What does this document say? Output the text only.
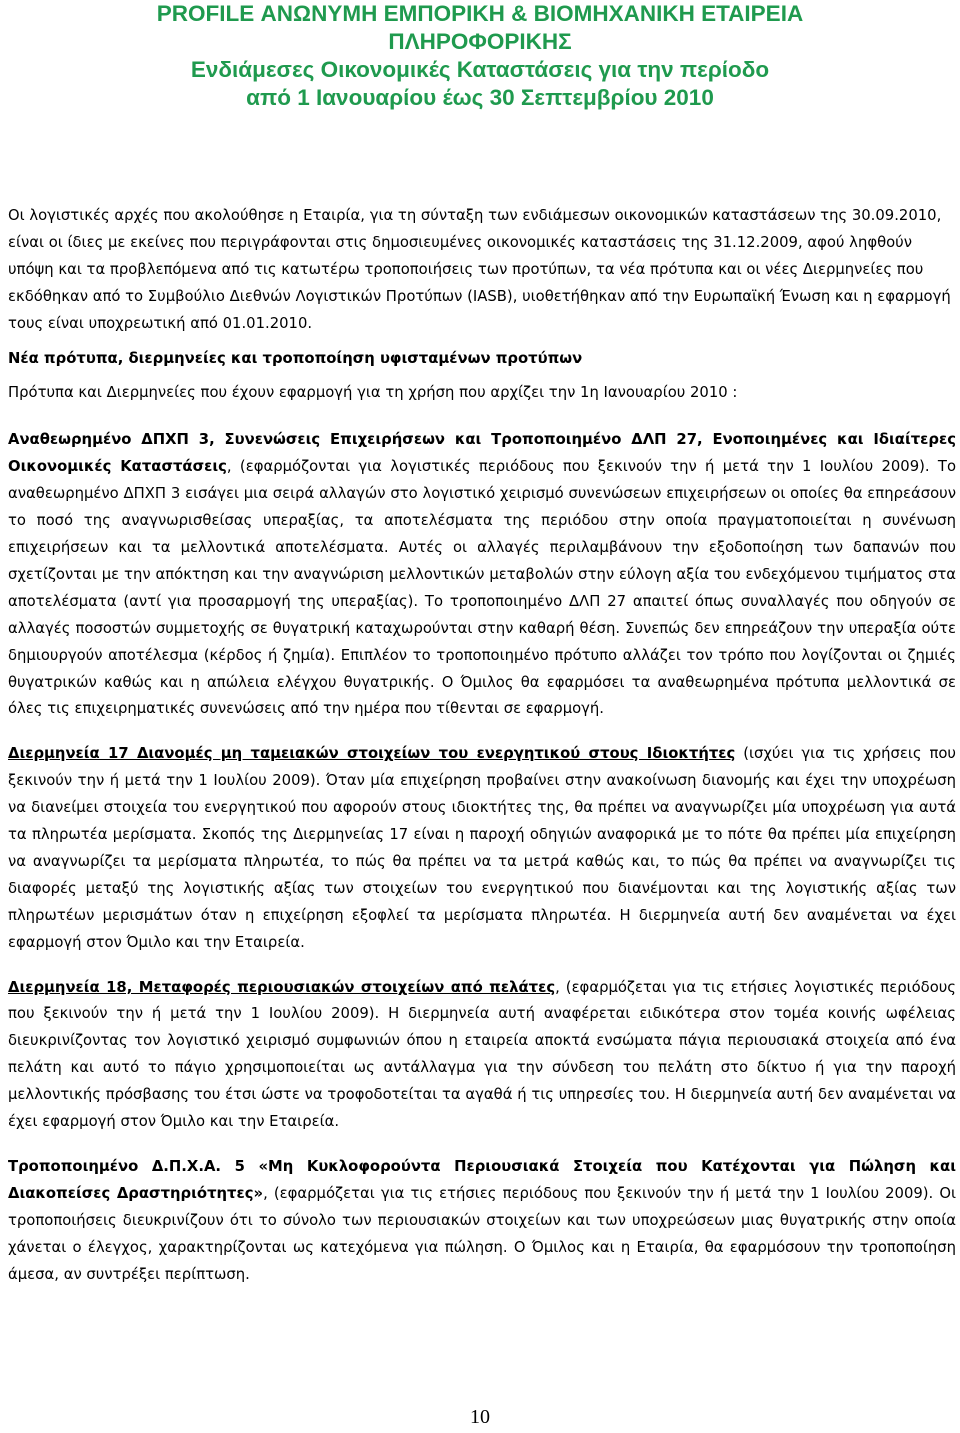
PROFILE ΑΝΩΝΥΜΗ ΕΜΠΟΡΙΚΗ & ΒΙΟΜΗΧΑΝΙΚΗ ΕΤΑΙΡΕΙΑ
ΠΛΗΡΟΦΟΡΙΚΗΣ
Ενδιάμεσες Οικονομικές Καταστάσεις για την περίοδο
από 1 Ιανουαρίου έως 30 Σεπτεμβρίου 2010

Οι λογιστικές αρχές που ακολούθησε η Εταιρία, για τη σύνταξη των ενδιάμεσων οικονομικών καταστάσεων της 30.09.2010, είναι οι ίδιες με εκείνες που περιγράφονται στις δημοσιευμένες οικονομικές καταστάσεις της 31.12.2009, αφού ληφθούν υπόψη και τα προβλεπόμενα από τις κατωτέρω τροποποιήσεις των προτύπων, τα νέα πρότυπα και οι νέες Διερμηνείες που εκδόθηκαν από το Συμβούλιο Διεθνών Λογιστικών Προτύπων (IASB), υιοθετήθηκαν από την Ευρωπαϊκή Ένωση και η εφαρμογή τους είναι υποχρεωτική από 01.01.2010.

Νέα πρότυπα, διερμηνείες και τροποποίηση υφισταμένων προτύπων

Πρότυπα και Διερμηνείες που έχουν εφαρμογή για τη χρήση που αρχίζει την 1η Ιανουαρίου 2010 :

Αναθεωρημένο ΔΠΧΠ 3, Συνενώσεις Επιχειρήσεων και Τροποποιημένο ΔΛΠ 27, Ενοποιημένες και Ιδιαίτερες Οικονομικές Καταστάσεις, (εφαρμόζονται για λογιστικές περιόδους που ξεκινούν την ή μετά την 1 Ιουλίου 2009). Το αναθεωρημένο ΔΠΧΠ 3 εισάγει μια σειρά αλλαγών στο λογιστικό χειρισμό συνενώσεων επιχειρήσεων οι οποίες θα επηρεάσουν το ποσό της αναγνωρισθείσας υπεραξίας, τα αποτελέσματα της περιόδου στην οποία πραγματοποιείται η συνένωση επιχειρήσεων και τα μελλοντικά αποτελέσματα. Αυτές οι αλλαγές περιλαμβάνουν την εξοδοποίηση των δαπανών που σχετίζονται με την απόκτηση και την αναγνώριση μελλοντικών μεταβολών στην εύλογη αξία του ενδεχόμενου τιμήματος στα αποτελέσματα (αντί για προσαρμογή της υπεραξίας). Το τροποποιημένο ΔΛΠ 27 απαιτεί όπως συναλλαγές που οδηγούν σε αλλαγές ποσοστών συμμετοχής σε θυγατρική καταχωρούνται στην καθαρή θέση. Συνεπώς δεν επηρεάζουν την υπεραξία ούτε δημιουργούν αποτέλεσμα (κέρδος ή ζημία). Επιπλέον το τροποποιημένο πρότυπο αλλάζει τον τρόπο που λογίζονται οι ζημιές θυγατρικών καθώς και η απώλεια ελέγχου θυγατρικής. Ο Όμιλος θα εφαρμόσει τα αναθεωρημένα πρότυπα μελλοντικά σε όλες τις επιχειρηματικές συνενώσεις από την ημέρα που τίθενται σε εφαρμογή.

Διερμηνεία 17 Διανομές μη ταμειακών στοιχείων του ενεργητικού στους Ιδιοκτήτες (ισχύει για τις χρήσεις που ξεκινούν την ή μετά την 1 Ιουλίου 2009). Όταν μία επιχείρηση προβαίνει στην ανακοίνωση διανομής και έχει την υποχρέωση να διανείμει στοιχεία του ενεργητικού που αφορούν στους ιδιοκτήτες της, θα πρέπει να αναγνωρίζει μία υποχρέωση για αυτά τα πληρωτέα μερίσματα. Σκοπός της Διερμηνείας 17 είναι η παροχή οδηγιών αναφορικά με το πότε θα πρέπει μία επιχείρηση να αναγνωρίζει τα μερίσματα πληρωτέα, το πώς θα πρέπει να τα μετρά καθώς και, το πώς θα πρέπει να αναγνωρίζει τις διαφορές μεταξύ της λογιστικής αξίας των στοιχείων του ενεργητικού που διανέμονται και της λογιστικής αξίας των πληρωτέων μερισμάτων όταν η επιχείρηση εξοφλεί τα μερίσματα πληρωτέα. Η διερμηνεία αυτή δεν αναμένεται να έχει εφαρμογή στον Όμιλο και την Εταιρεία.

Διερμηνεία 18, Μεταφορές περιουσιακών στοιχείων από πελάτες, (εφαρμόζεται για τις ετήσιες λογιστικές περιόδους που ξεκινούν την ή μετά την 1 Ιουλίου 2009). Η διερμηνεία αυτή αναφέρεται ειδικότερα στον τομέα κοινής ωφέλειας διευκρινίζοντας τον λογιστικό χειρισμό συμφωνιών όπου η εταιρεία αποκτά ενσώματα πάγια περιουσιακά στοιχεία από ένα πελάτη και αυτό το πάγιο χρησιμοποιείται ως αντάλλαγμα για την σύνδεση του πελάτη στο δίκτυο ή για την παροχή μελλοντικής πρόσβασης του έτσι ώστε να τροφοδοτείται τα αγαθά ή τις υπηρεσίες του. Η διερμηνεία αυτή δεν αναμένεται να έχει εφαρμογή στον Όμιλο και την Εταιρεία.

Τροποποιημένο Δ.Π.Χ.Α. 5 «Μη Κυκλοφορούντα Περιουσιακά Στοιχεία που Κατέχονται για Πώληση και Διακοπείσες Δραστηριότητες», (εφαρμόζεται για τις ετήσιες περιόδους που ξεκινούν την ή μετά την 1 Ιουλίου 2009). Οι τροποποιήσεις διευκρινίζουν ότι το σύνολο των περιουσιακών στοιχείων και των υποχρεώσεων μιας θυγατρικής στην οποία χάνεται ο έλεγχος, χαρακτηρίζονται ως κατεχόμενα για πώληση. Ο Όμιλος και η Εταιρία, θα εφαρμόσουν την τροποποίηση άμεσα, αν συντρέξει περίπτωση.

10
